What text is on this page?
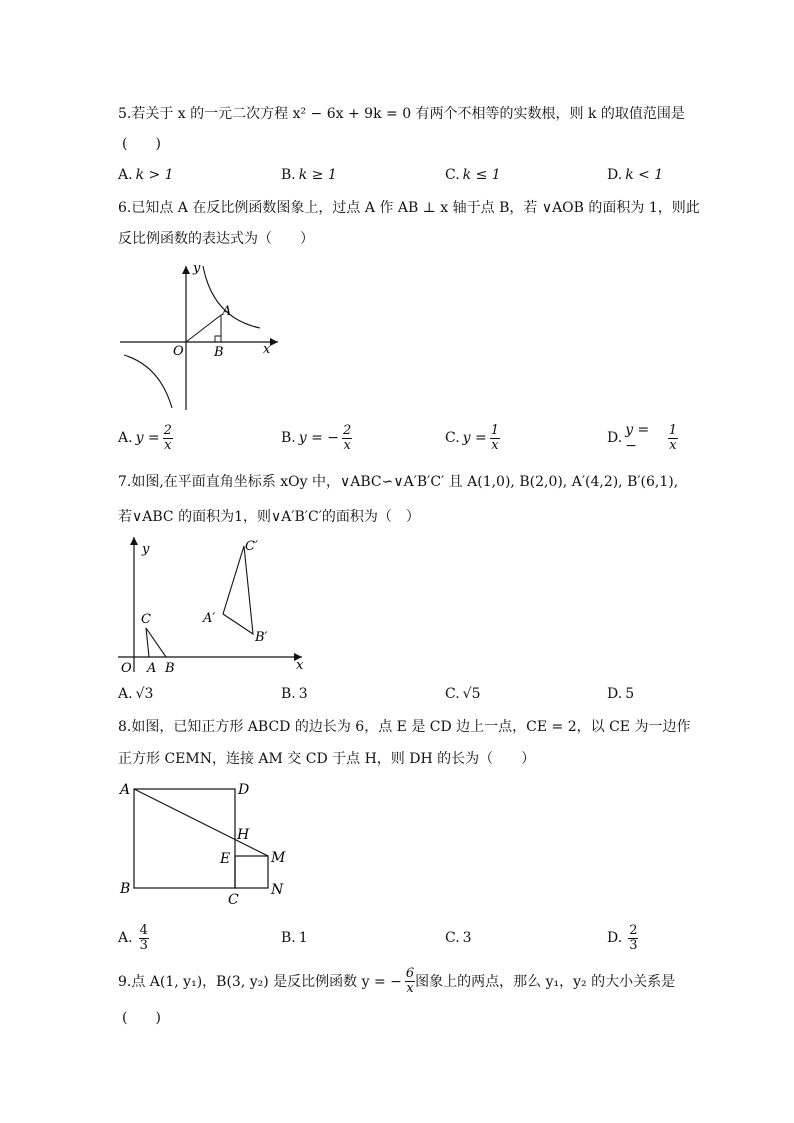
5.若关于 x 的一元二次方程 x² − 6x + 9k = 0 有两个不相等的实数根，则 k 的取值范围是
(　　)
A. k > 1	B. k ≥ 1	C. k ≤ 1	D. k < 1
6.已知点 A 在反比例函数图象上，过点 A 作 AB ⊥ x 轴于点 B，若 ∨AOB 的面积为 1，则此
反比例函数的表达式为（　　）
y
x
O
A
B
A. $y = \frac{2}{x}$	B. y = − $\frac{2}{x}$	C. $y = \frac{1}{x}$	D. y = −	$\frac{1}{x}$
7.如图,在平面直角坐标系 xOy 中，∨ABC∽∨A′B′C′ 且 A(1,0), B(2,0), A′(4,2), B′(6,1),
若∨ABC 的面积为1，则∨A′B′C′的面积为（　）
y
x
O A B
C	A′
B′
C′
A. √3	B. 3	C. √5	D. 5
8.如图，已知正方形 ABCD 的边长为 6，点 E 是 CD 边上一点，CE = 2，以 CE 为一边作
正方形 CEMN，连接 AM 交 CD 于点 H，则 DH 的长为（　　）
A	D
B
C
H
E	M
N
A. $\frac{4}{3}$	B. 1	C. 3	D. $\frac{2}{3}$
9.点 A(1, y₁)，B(3, y₂) 是反比例函数 y = − $\frac{6}{x}$ 图象上的两点，那么 y₁，y₂ 的大小关系是
(　　)
